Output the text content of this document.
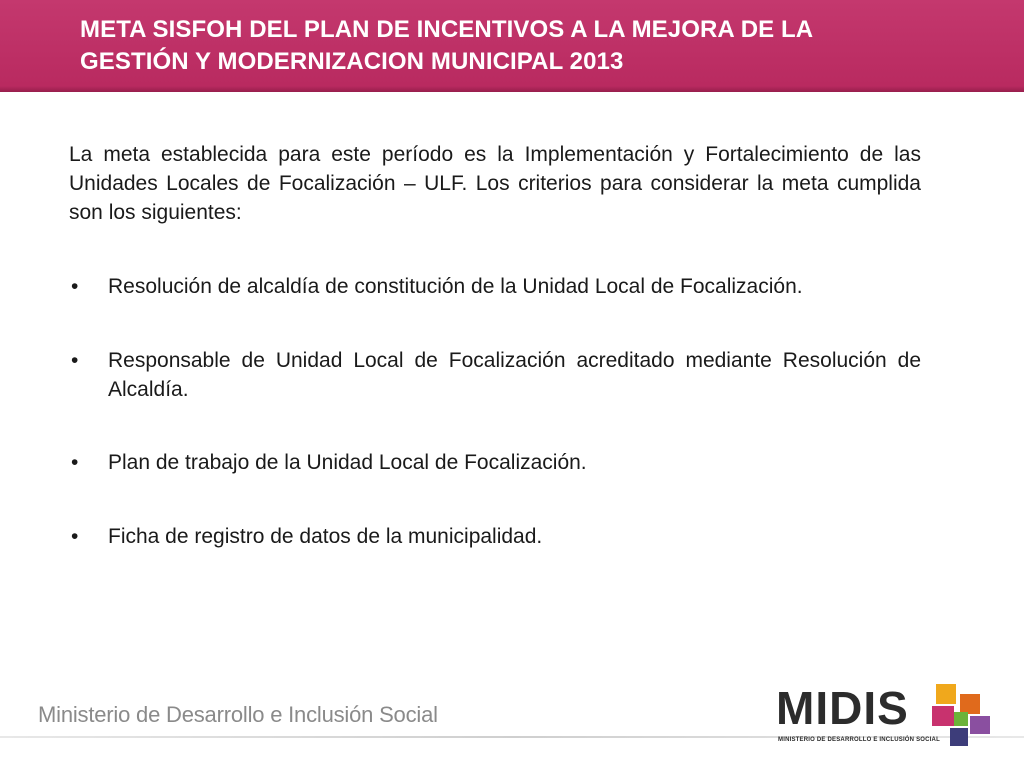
META SISFOH DEL PLAN DE INCENTIVOS A LA MEJORA DE LA
GESTIÓN Y MODERNIZACION MUNICIPAL 2013

La meta establecida para este período es la Implementación y Fortalecimiento de las Unidades Locales de Focalización – ULF. Los criterios para considerar la meta cumplida son los siguientes:

• Resolución de alcaldía de constitución de la Unidad Local de Focalización.
• Responsable de Unidad Local de Focalización acreditado mediante Resolución de Alcaldía.
• Plan de trabajo de la Unidad Local de Focalización.
• Ficha de registro de datos de la municipalidad.
Ministerio de Desarrollo e Inclusión Social	MIDIS
MINISTERIO DE DESARROLLO E INCLUSIÓN SOCIAL
